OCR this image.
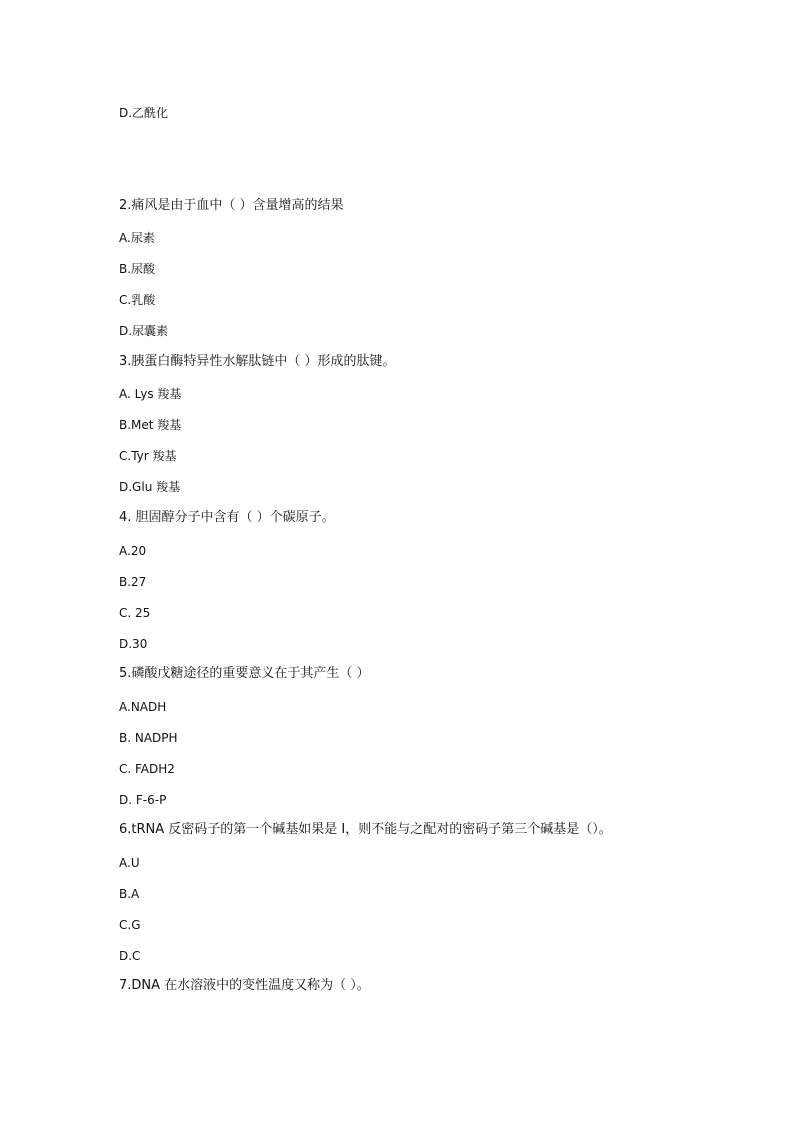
D.乙酰化
2.痛风是由于血中（ ）含量增高的结果
A.尿素
B.尿酸
C.乳酸
D.尿囊素
3.胰蛋白酶特异性水解肽链中（ ）形成的肽键。
A. Lys 羧基
B.Met 羧基
C.Tyr 羧基
D.Glu 羧基
4. 胆固醇分子中含有（ ）个碳原子。
A.20
B.27
C. 25
D.30
5.磷酸戊糖途径的重要意义在于其产生（ ）
A.NADH
B. NADPH
C. FADH2
D. F-6-P
6.tRNA 反密码子的第一个碱基如果是 I，则不能与之配对的密码子第三个碱基是（）。
A.U
B.A
C.G
D.C
7.DNA 在水溶液中的变性温度又称为（ ）。
